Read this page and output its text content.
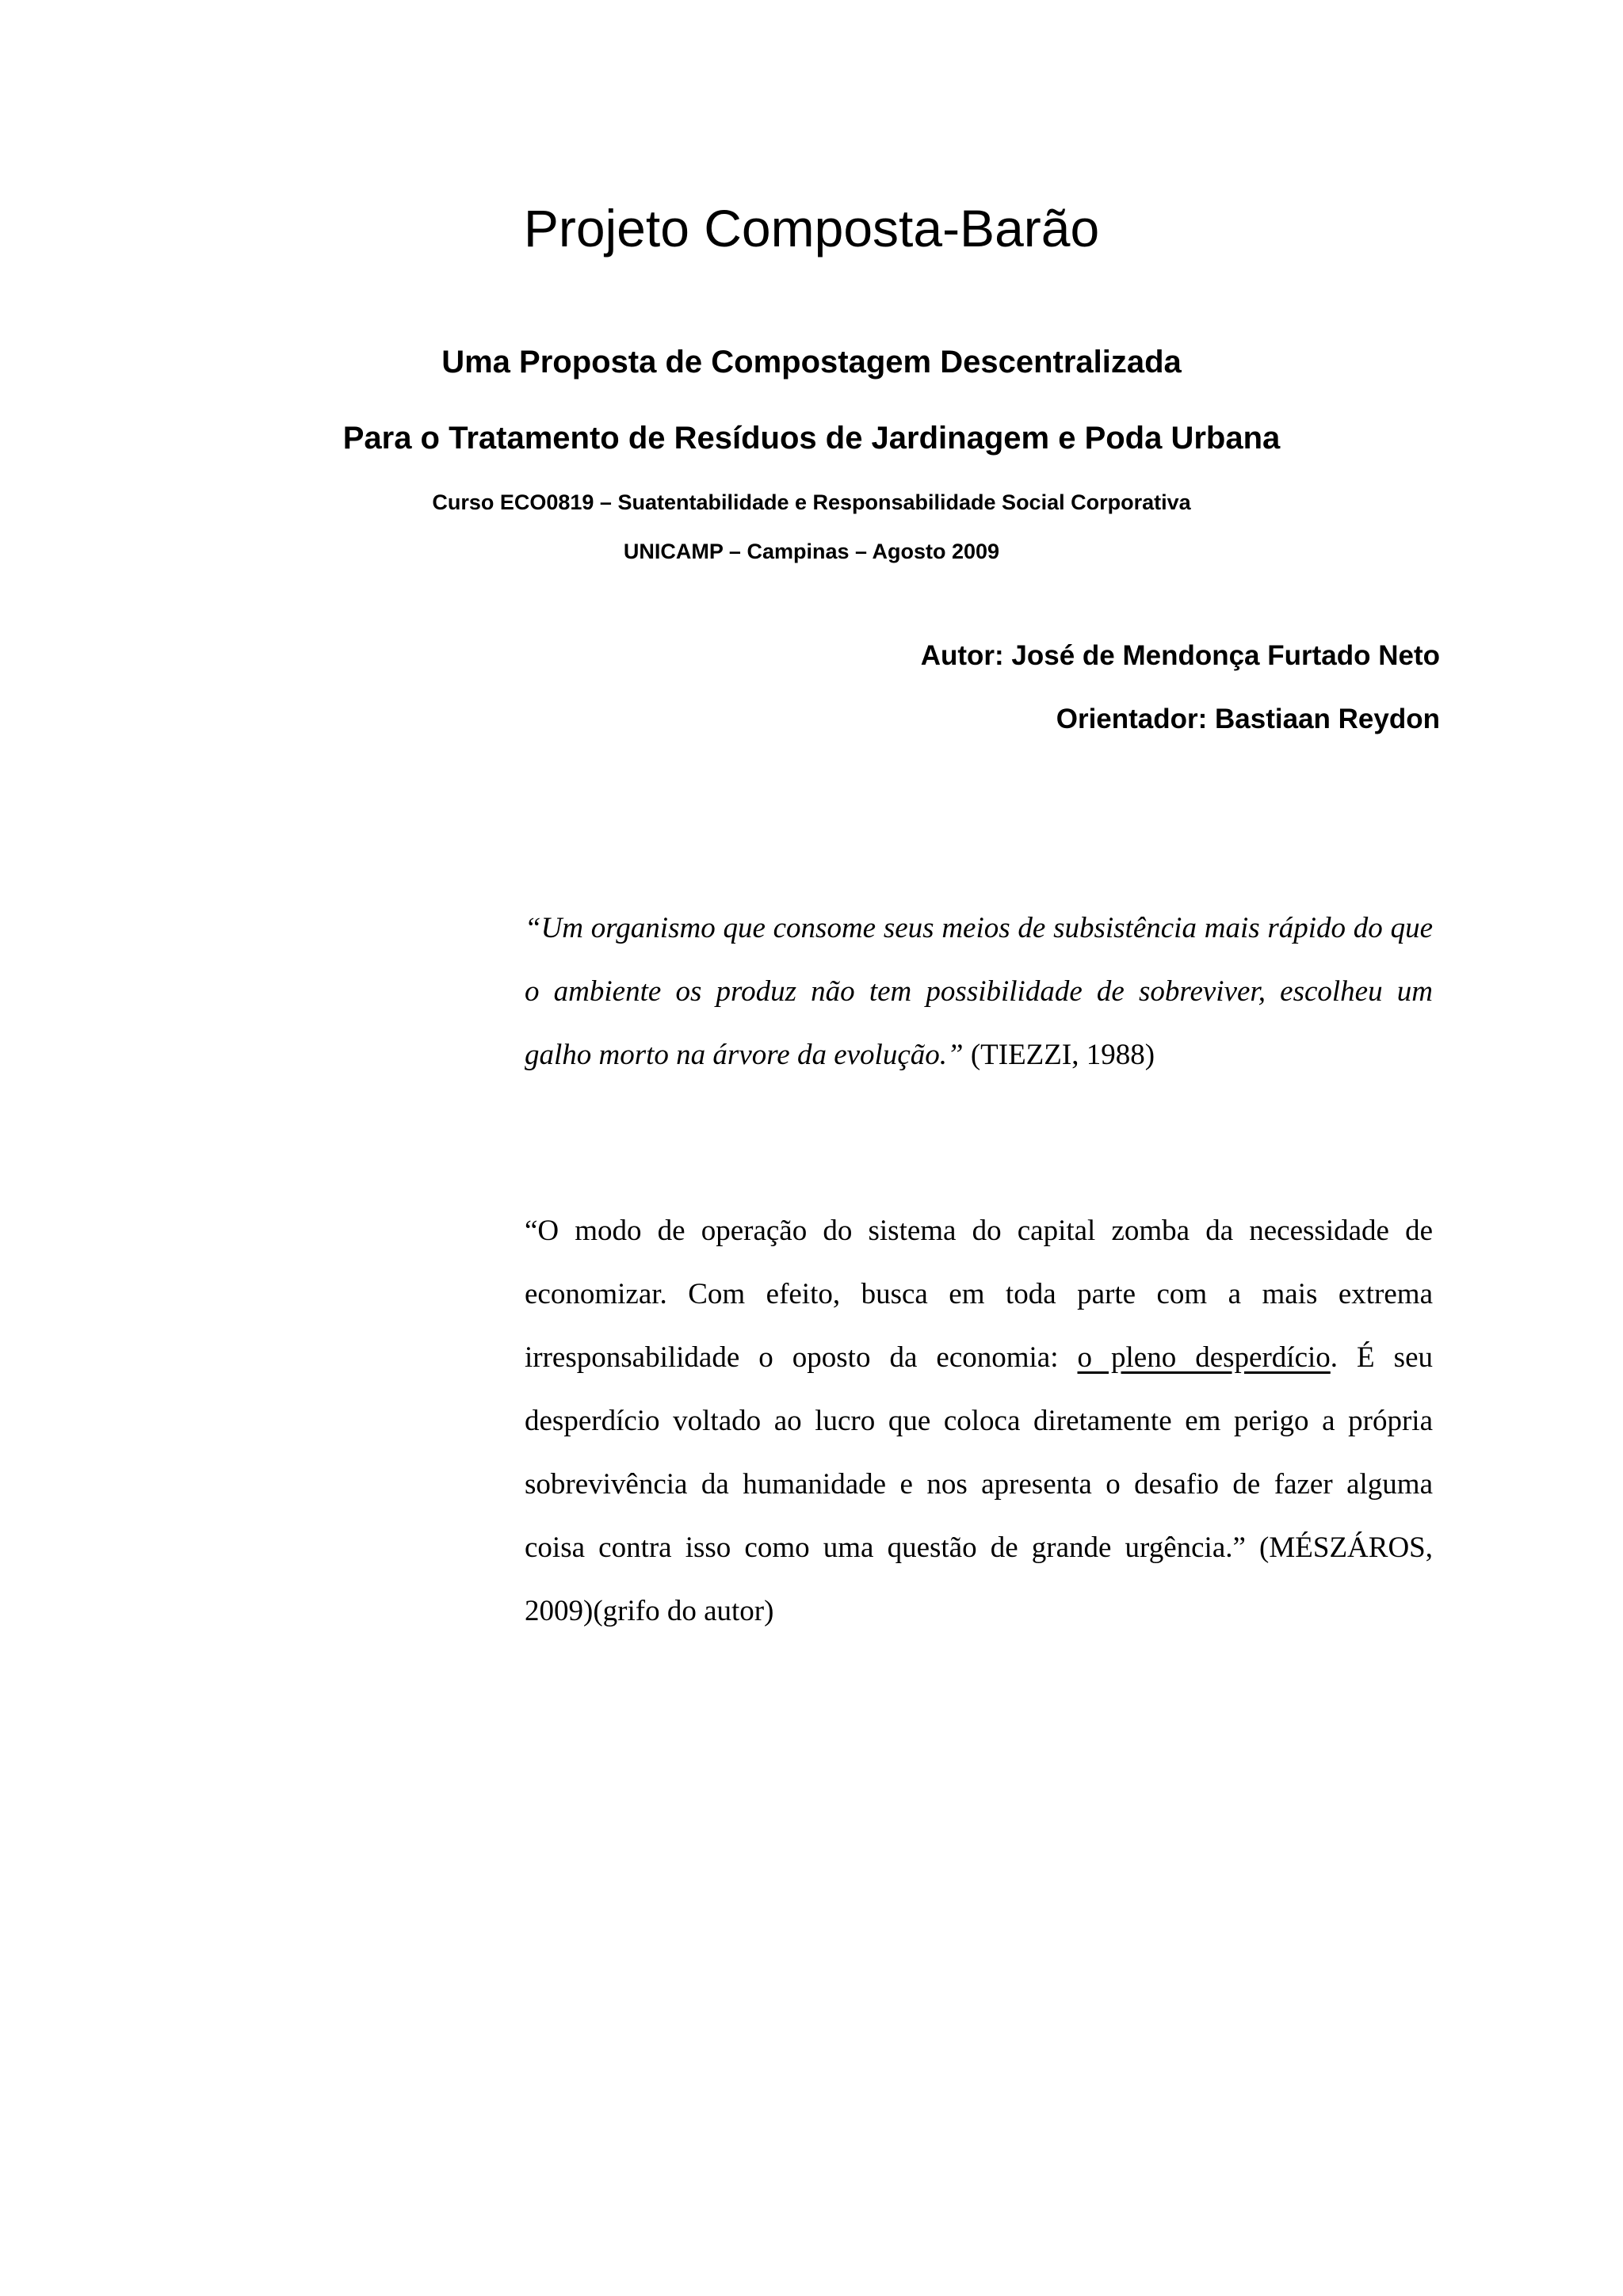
Projeto Composta-Barão
Uma Proposta de Compostagem Descentralizada
Para o Tratamento de Resíduos de Jardinagem e Poda Urbana
Curso ECO0819 – Suatentabilidade e Responsabilidade Social Corporativa
UNICAMP – Campinas – Agosto 2009
Autor: José de Mendonça Furtado Neto
Orientador: Bastiaan Reydon

“Um organismo que consome seus meios de subsistência mais rápido do que o ambiente os produz não tem possibilidade de sobreviver, escolheu um galho morto na árvore da evolução.” (TIEZZI, 1988)

“O modo de operação do sistema do capital zomba da necessidade de economizar. Com efeito, busca em toda parte com a mais extrema irresponsabilidade o oposto da economia: o pleno desperdício. É seu desperdício voltado ao lucro que coloca diretamente em perigo a própria sobrevivência da humanidade e nos apresenta o desafio de fazer alguma coisa contra isso como uma questão de grande urgência.” (MÉSZÁROS, 2009)(grifo do autor)
